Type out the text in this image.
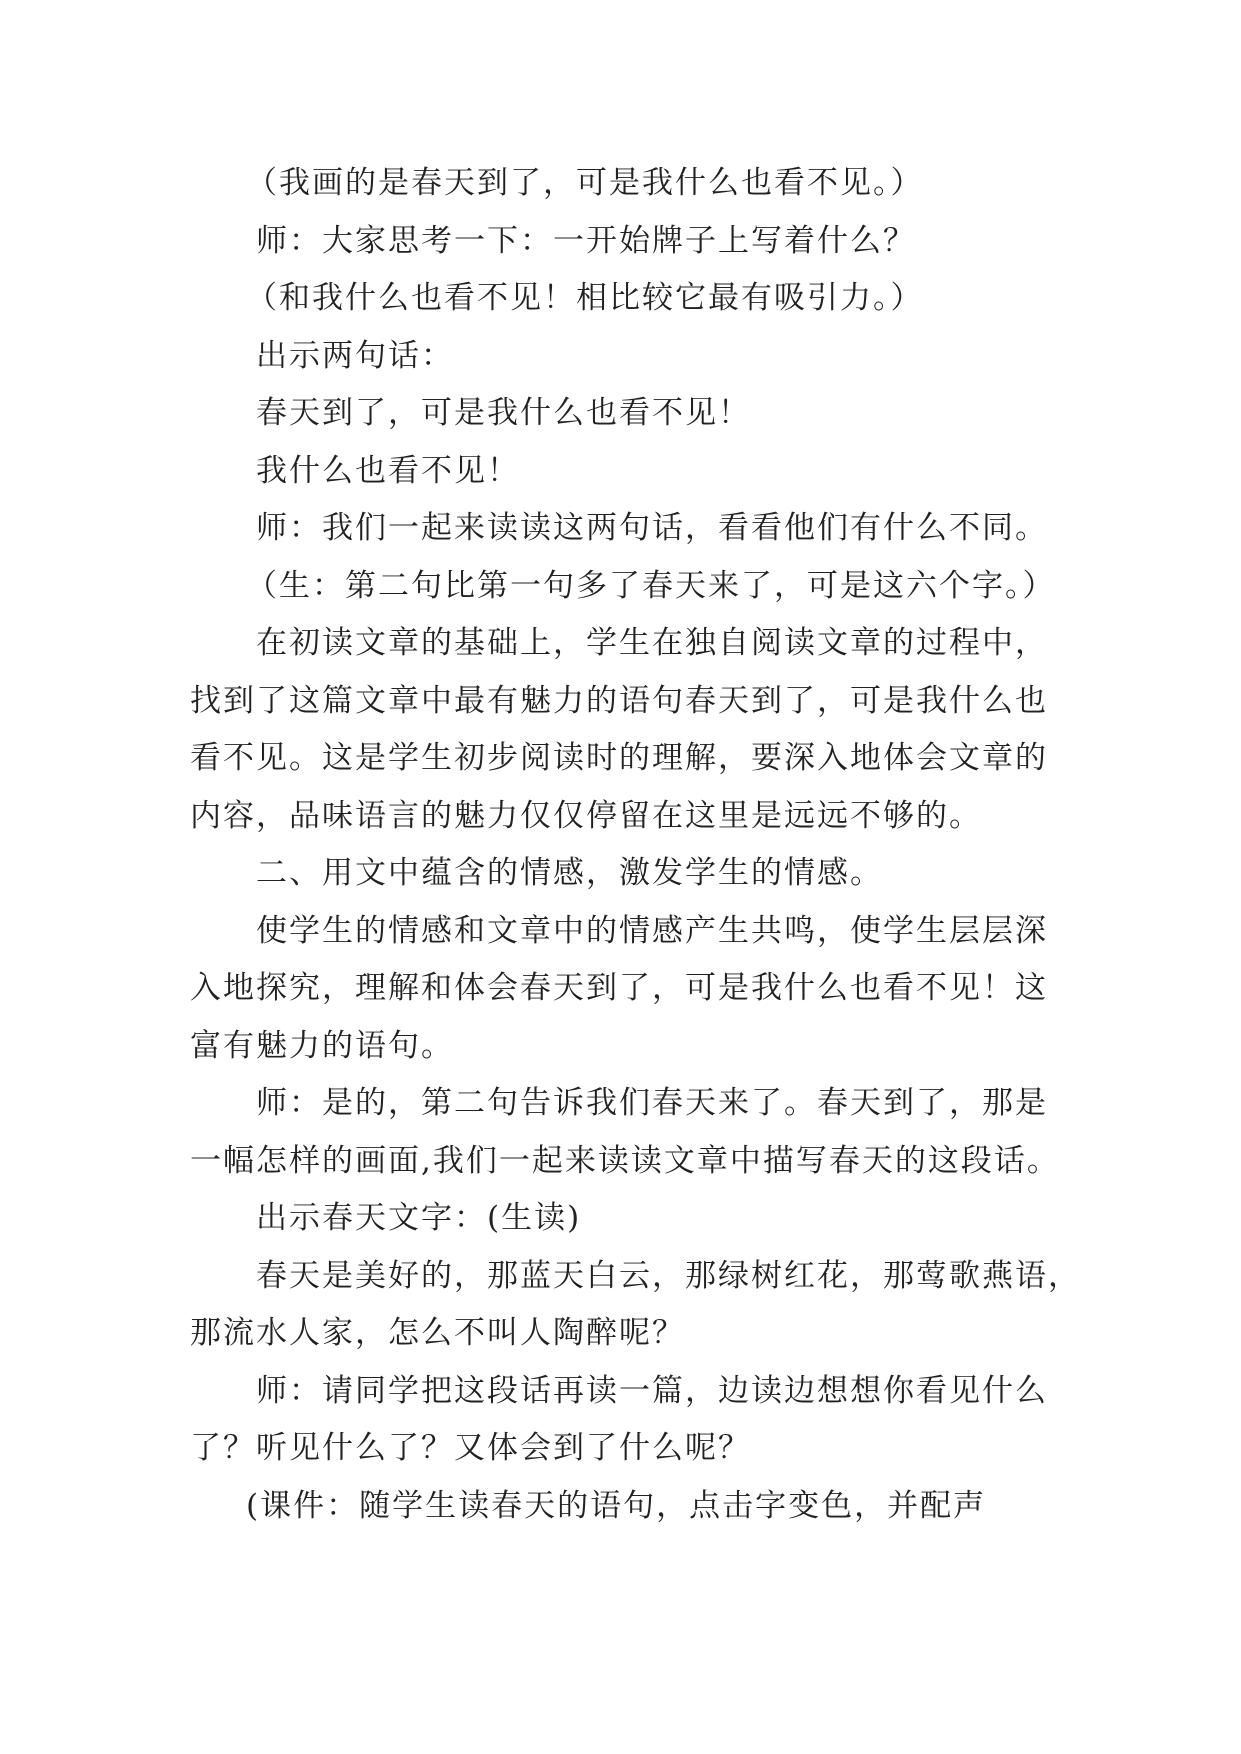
（我画的是春天到了，可是我什么也看不见。）
师：大家思考一下：一开始牌子上写着什么？
（和我什么也看不见！相比较它最有吸引力。）
出示两句话：
春天到了，可是我什么也看不见！
我什么也看不见！
师：我们一起来读读这两句话，看看他们有什么不同。
（生：第二句比第一句多了春天来了，可是这六个字。）
在初读文章的基础上，学生在独自阅读文章的过程中，
找到了这篇文章中最有魅力的语句春天到了，可是我什么也
看不见。这是学生初步阅读时的理解，要深入地体会文章的
内容，品味语言的魅力仅仅停留在这里是远远不够的。
二、用文中蕴含的情感，激发学生的情感。
使学生的情感和文章中的情感产生共鸣，使学生层层深
入地探究，理解和体会春天到了，可是我什么也看不见！这
富有魅力的语句。
师：是的，第二句告诉我们春天来了。春天到了，那是
一幅怎样的画面,我们一起来读读文章中描写春天的这段话。
出示春天文字：(生读)
春天是美好的，那蓝天白云，那绿树红花，那莺歌燕语，
那流水人家，怎么不叫人陶醉呢？
师：请同学把这段话再读一篇，边读边想想你看见什么
了？听见什么了？又体会到了什么呢？
(课件：随学生读春天的语句，点击字变色，并配声
